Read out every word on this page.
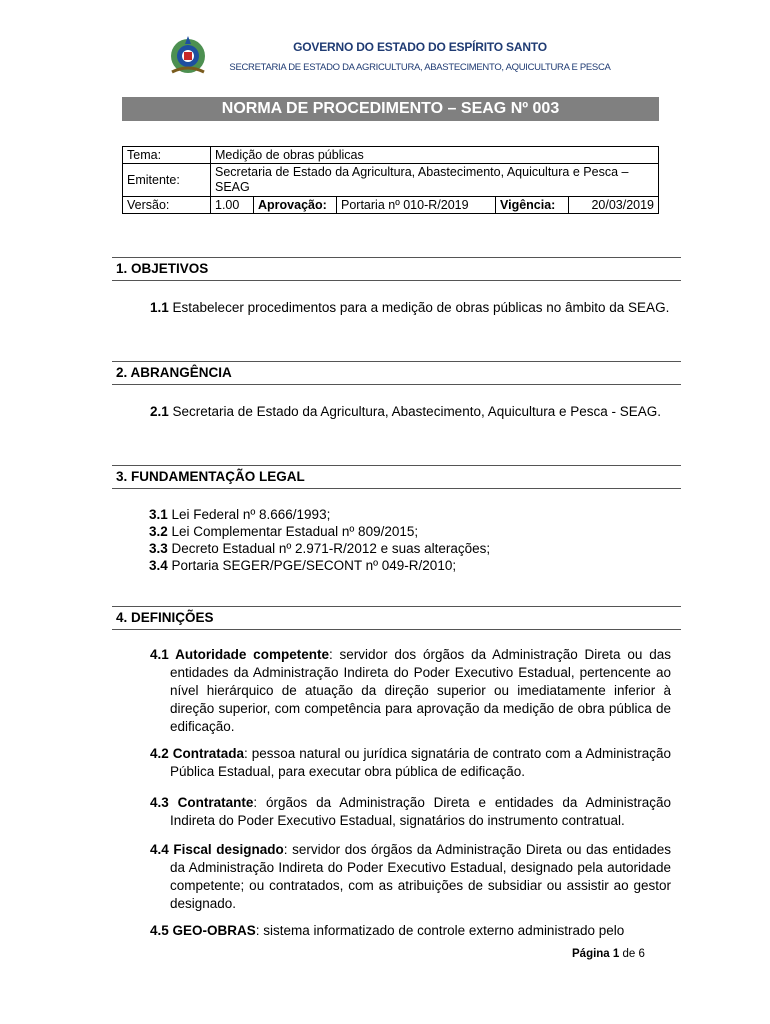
GOVERNO DO ESTADO DO ESPÍRITO SANTO
SECRETARIA DE ESTADO DA AGRICULTURA, ABASTECIMENTO, AQUICULTURA E PESCA
NORMA DE PROCEDIMENTO – SEAG Nº 003
Tema:	Medição de obras públicas				
Emitente:	Secretaria de Estado da Agricultura, Abastecimento, Aquicultura e Pesca – SEAG				
Versão:	1.00	Aprovação:	Portaria nº 010-R/2019	Vigência:	20/03/2019
1. OBJETIVOS
1.1 Estabelecer procedimentos para a medição de obras públicas no âmbito da SEAG.
2. ABRANGÊNCIA
2.1 Secretaria de Estado da Agricultura, Abastecimento, Aquicultura e Pesca - SEAG.
3. FUNDAMENTAÇÃO LEGAL
3.1 Lei Federal nº 8.666/1993;
3.2 Lei Complementar Estadual nº 809/2015;
3.3 Decreto Estadual nº 2.971-R/2012 e suas alterações;
3.4 Portaria SEGER/PGE/SECONT nº 049-R/2010;
4. DEFINIÇÕES
4.1 Autoridade competente: servidor dos órgãos da Administração Direta ou das entidades da Administração Indireta do Poder Executivo Estadual, pertencente ao nível hierárquico de atuação da direção superior ou imediatamente inferior à direção superior, com competência para aprovação da medição de obra pública de edificação.
4.2 Contratada: pessoa natural ou jurídica signatária de contrato com a Administração Pública Estadual, para executar obra pública de edificação.
4.3 Contratante: órgãos da Administração Direta e entidades da Administração Indireta do Poder Executivo Estadual, signatários do instrumento contratual.
4.4 Fiscal designado: servidor dos órgãos da Administração Direta ou das entidades da Administração Indireta do Poder Executivo Estadual, designado pela autoridade competente; ou contratados, com as atribuições de subsidiar ou assistir ao gestor designado.
4.5 GEO-OBRAS: sistema informatizado de controle externo administrado pelo
Página 1 de 6
